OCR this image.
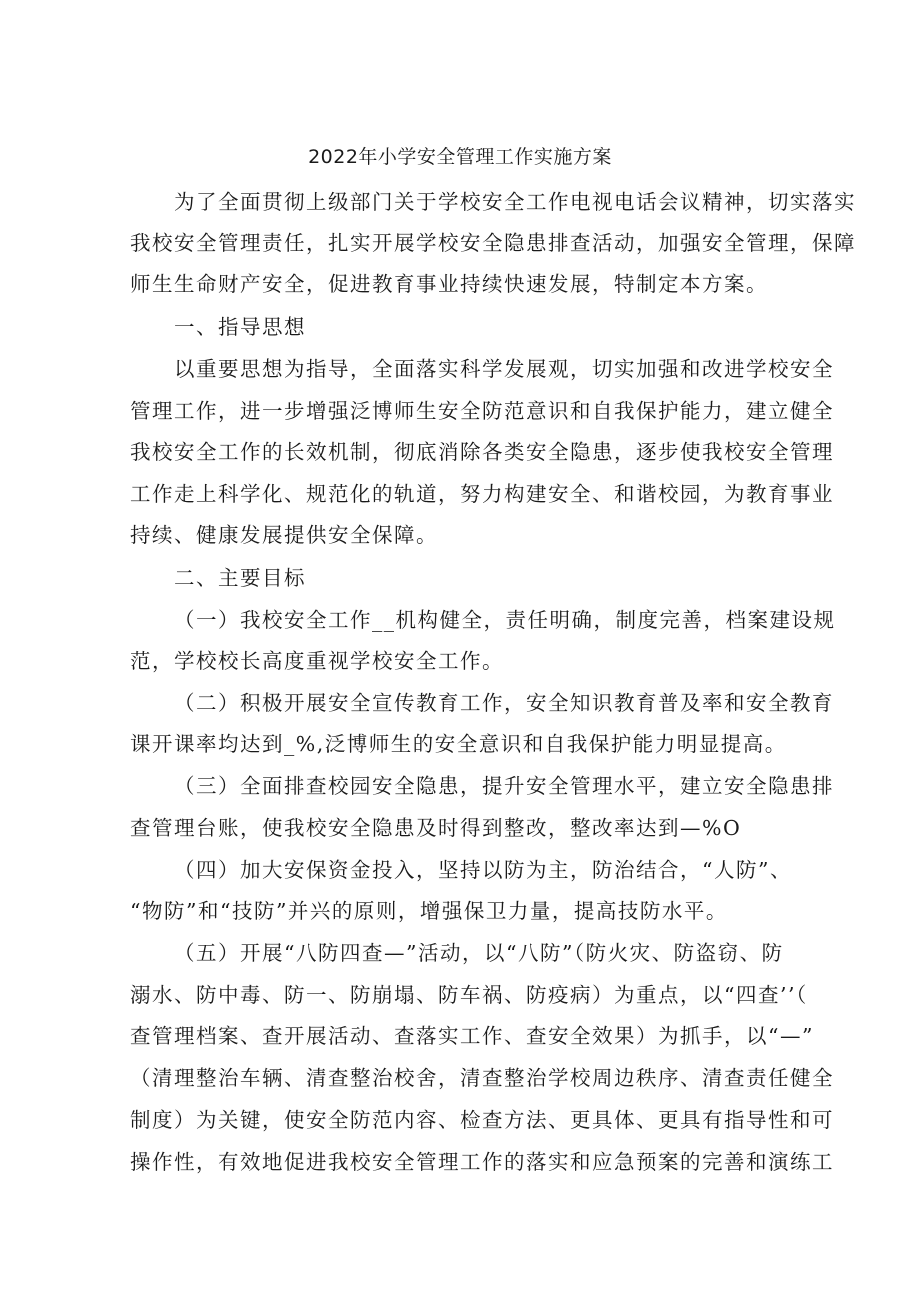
2022年小学安全管理工作实施方案
为了全面贯彻上级部门关于学校安全工作电视电话会议精神，切实落实
我校安全管理责任，扎实开展学校安全隐患排查活动，加强安全管理，保障
师生生命财产安全，促进教育事业持续快速发展，特制定本方案。
一、指导思想
以重要思想为指导，全面落实科学发展观，切实加强和改进学校安全
管理工作，进一步增强泛博师生安全防范意识和自我保护能力，建立健全
我校安全工作的长效机制，彻底消除各类安全隐患，逐步使我校安全管理
工作走上科学化、规范化的轨道，努力构建安全、和谐校园，为教育事业
持续、健康发展提供安全保障。
二、主要目标
（一）我校安全工作__机构健全，责任明确，制度完善，档案建设规
范，学校校长高度重视学校安全工作。
（二）积极开展安全宣传教育工作，安全知识教育普及率和安全教育
课开课率均达到_%,泛博师生的安全意识和自我保护能力明显提高。
（三）全面排查校园安全隐患，提升安全管理水平，建立安全隐患排
查管理台账，使我校安全隐患及时得到整改，整改率达到—%O
（四）加大安保资金投入，坚持以防为主，防治结合，“人防”、
“物防”和“技防”并兴的原则，增强保卫力量，提高技防水平。
（五）开展“八防四查—”活动，以“八防”（防火灾、防盗窃、防
溺水、防中毒、防一、防崩塌、防车祸、防疫病）为重点，以“四查’’（
查管理档案、查开展活动、查落实工作、查安全效果）为抓手，以“—”
（清理整治车辆、清查整治校舍，清查整治学校周边秩序、清查责任健全
制度）为关键，使安全防范内容、检查方法、更具体、更具有指导性和可
操作性，有效地促进我校安全管理工作的落实和应急预案的完善和演练工
